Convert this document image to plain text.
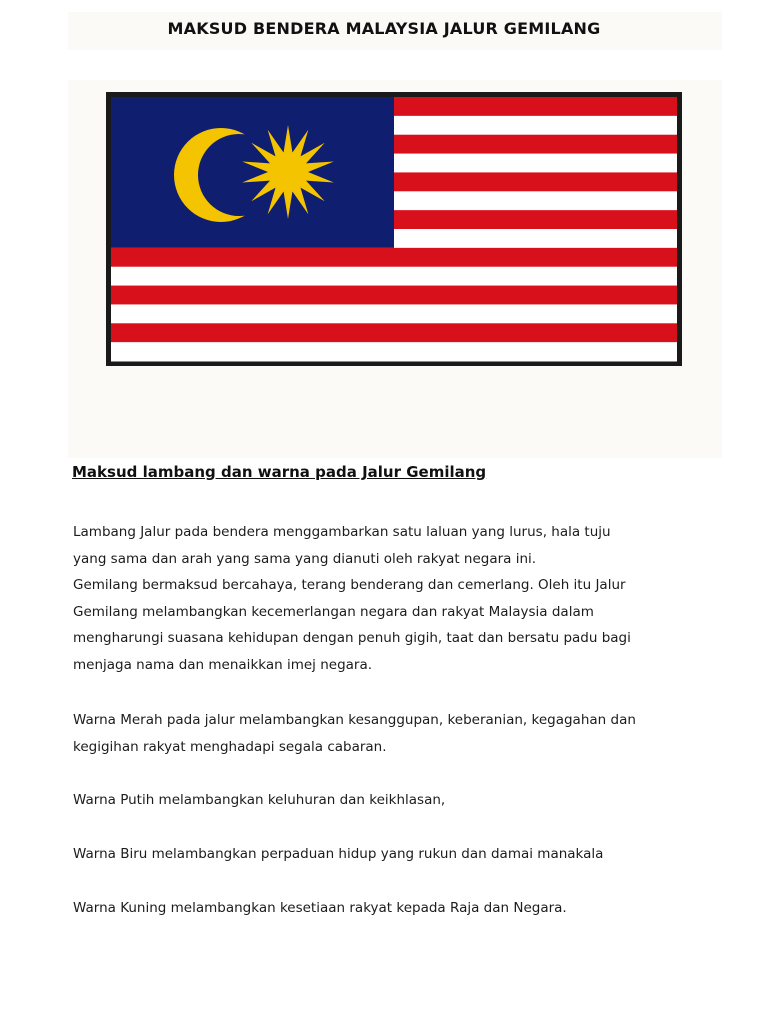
MAKSUD BENDERA MALAYSIA JALUR GEMILANG
Maksud lambang dan warna pada Jalur Gemilang

Lambang Jalur pada bendera menggambarkan satu laluan yang lurus, hala tuju
yang sama dan arah yang sama yang dianuti oleh rakyat negara ini.
Gemilang bermaksud bercahaya, terang benderang dan cemerlang. Oleh itu Jalur
Gemilang melambangkan kecemerlangan negara dan rakyat Malaysia dalam
mengharungi suasana kehidupan dengan penuh gigih, taat dan bersatu padu bagi
menjaga nama dan menaikkan imej negara.

Warna Merah pada jalur melambangkan kesanggupan, keberanian, kegagahan dan
kegigihan rakyat menghadapi segala cabaran.

Warna Putih melambangkan keluhuran dan keikhlasan,

Warna Biru melambangkan perpaduan hidup yang rukun dan damai manakala

Warna Kuning melambangkan kesetiaan rakyat kepada Raja dan Negara.
